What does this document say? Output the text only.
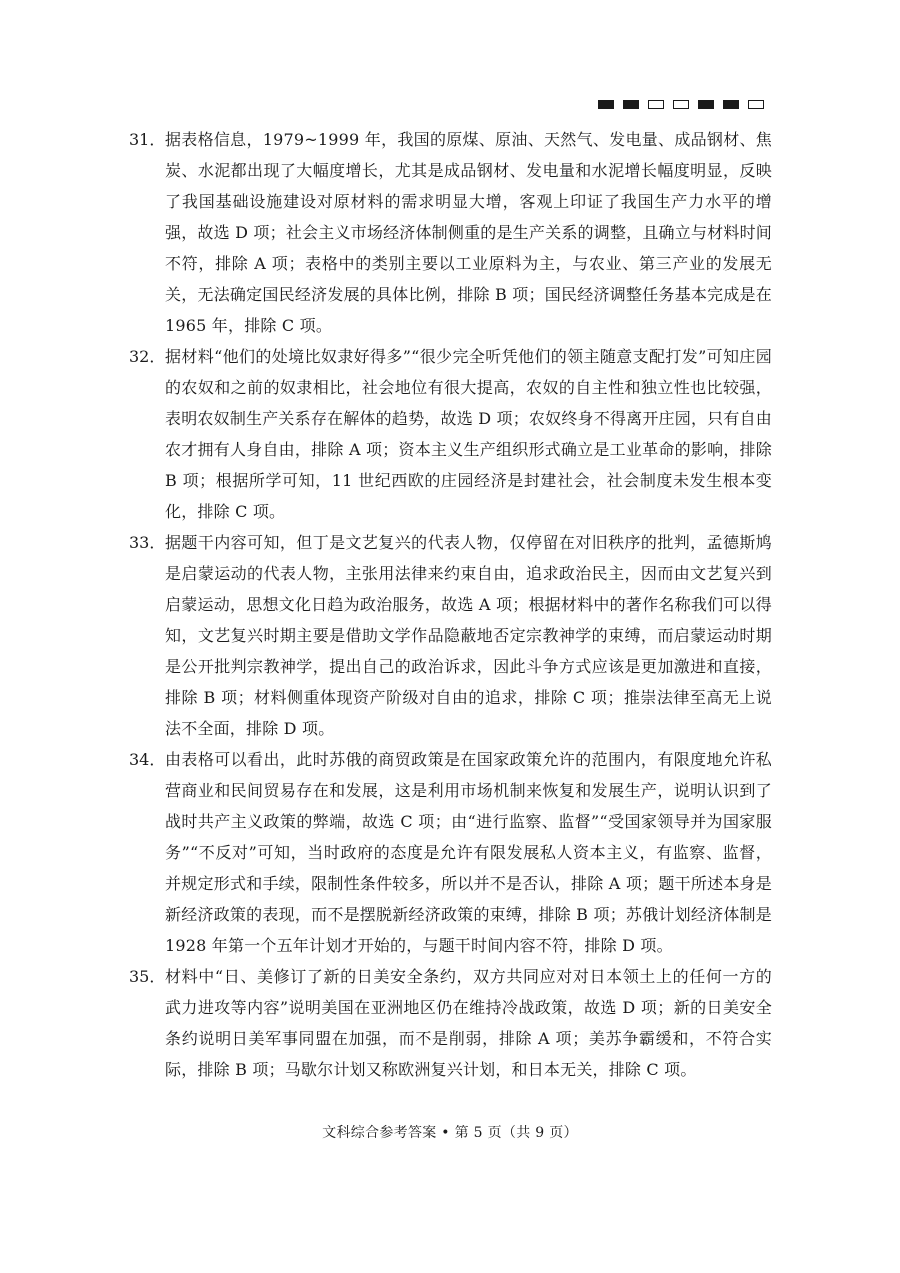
31． 据表格信息，1979~1999 年，我国的原煤、原油、天然气、发电量、成品钢材、焦炭、水泥都出现了大幅度增长，尤其是成品钢材、发电量和水泥增长幅度明显，反映了我国基础设施建设对原材料的需求明显大增，客观上印证了我国生产力水平的增强，故选 D 项；社会主义市场经济体制侧重的是生产关系的调整，且确立与材料时间不符，排除 A 项；表格中的类别主要以工业原料为主，与农业、第三产业的发展无关，无法确定国民经济发展的具体比例，排除 B 项；国民经济调整任务基本完成是在 1965 年，排除 C 项。
32． 据材料“他们的处境比奴隶好得多”“很少完全听凭他们的领主随意支配打发”可知庄园的农奴和之前的奴隶相比，社会地位有很大提高，农奴的自主性和独立性也比较强，表明农奴制生产关系存在解体的趋势，故选 D 项；农奴终身不得离开庄园，只有自由农才拥有人身自由，排除 A 项；资本主义生产组织形式确立是工业革命的影响，排除 B 项；根据所学可知，11 世纪西欧的庄园经济是封建社会，社会制度未发生根本变化，排除 C 项。
33． 据题干内容可知，但丁是文艺复兴的代表人物，仅停留在对旧秩序的批判，孟德斯鸠是启蒙运动的代表人物，主张用法律来约束自由，追求政治民主，因而由文艺复兴到启蒙运动，思想文化日趋为政治服务，故选 A 项；根据材料中的著作名称我们可以得知，文艺复兴时期主要是借助文学作品隐蔽地否定宗教神学的束缚，而启蒙运动时期是公开批判宗教神学，提出自己的政治诉求，因此斗争方式应该是更加激进和直接，排除 B 项；材料侧重体现资产阶级对自由的追求，排除 C 项；推崇法律至高无上说法不全面，排除 D 项。
34． 由表格可以看出，此时苏俄的商贸政策是在国家政策允许的范围内，有限度地允许私营商业和民间贸易存在和发展，这是利用市场机制来恢复和发展生产，说明认识到了战时共产主义政策的弊端，故选 C 项；由“进行监察、监督”“受国家领导并为国家服务”“不反对”可知，当时政府的态度是允许有限发展私人资本主义，有监察、监督，并规定形式和手续，限制性条件较多，所以并不是否认，排除 A 项；题干所述本身是新经济政策的表现，而不是摆脱新经济政策的束缚，排除 B 项；苏俄计划经济体制是 1928 年第一个五年计划才开始的，与题干时间内容不符，排除 D 项。
35． 材料中“日、美修订了新的日美安全条约，双方共同应对对日本领土上的任何一方的武力进攻等内容”说明美国在亚洲地区仍在维持冷战政策，故选 D 项；新的日美安全条约说明日美军事同盟在加强，而不是削弱，排除 A 项；美苏争霸缓和，不符合实际，排除 B 项；马歇尔计划又称欧洲复兴计划，和日本无关，排除 C 项。
文科综合参考答案 • 第 5 页（共 9 页）
